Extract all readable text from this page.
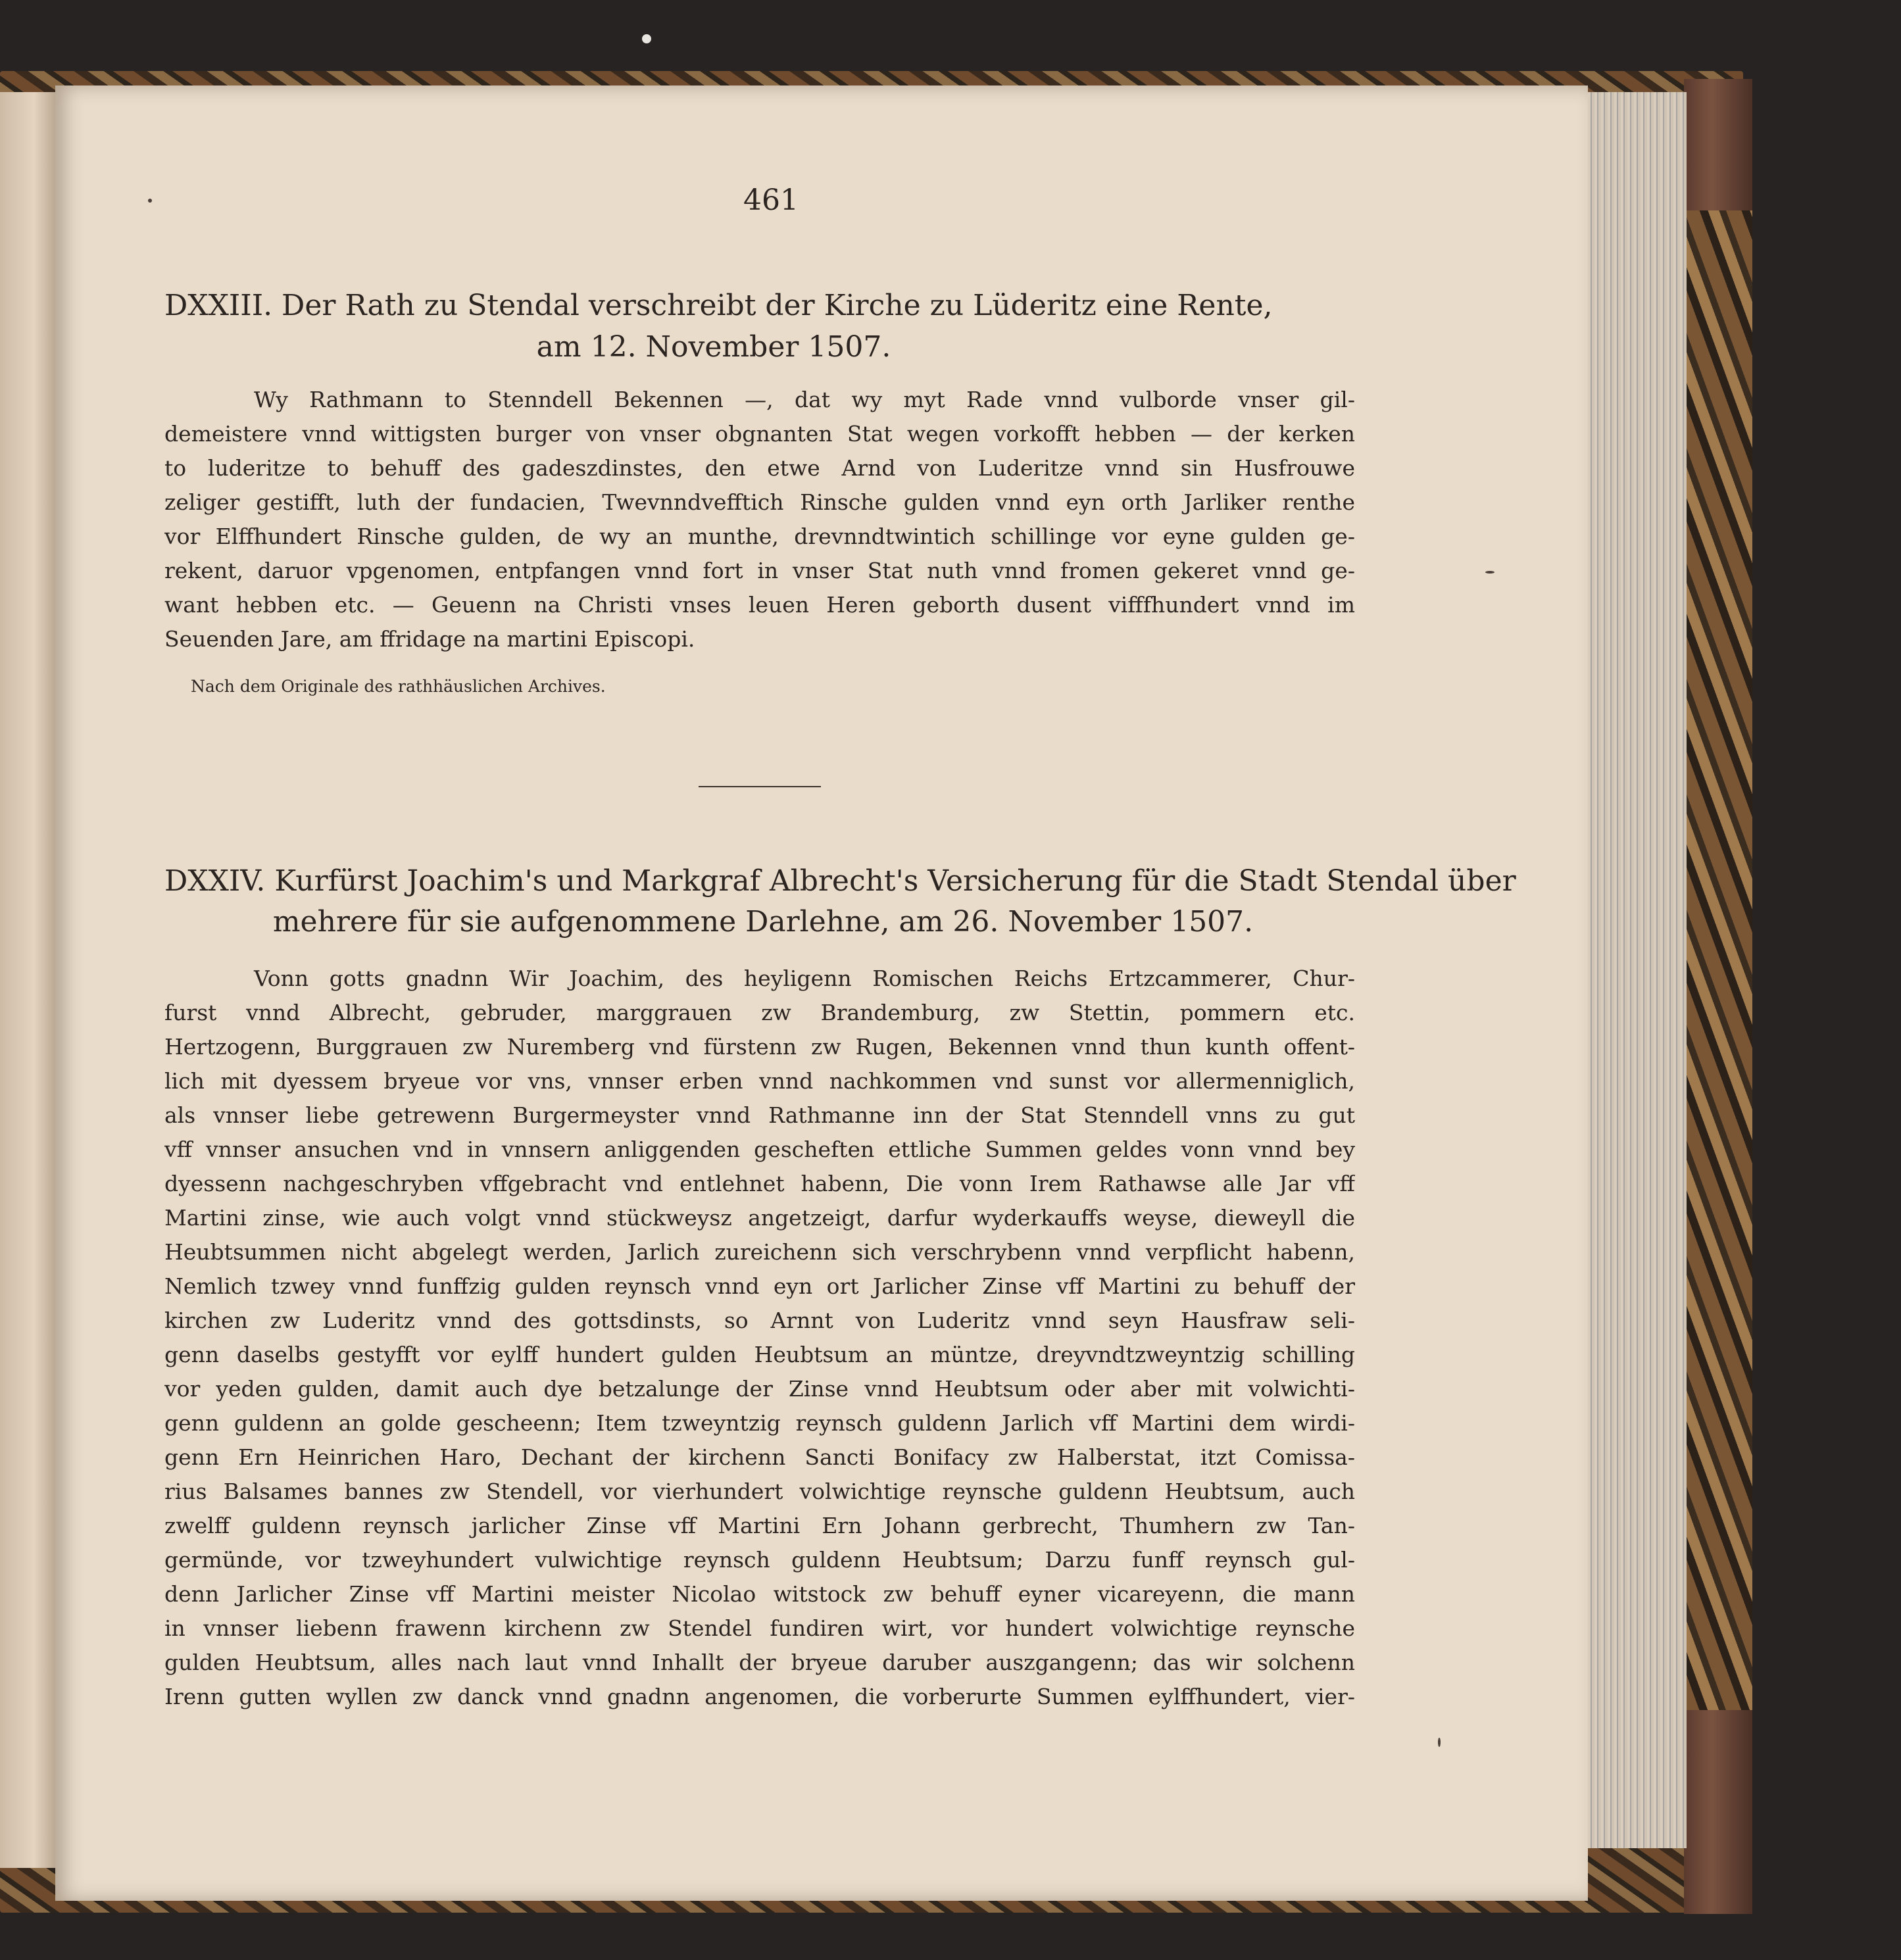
461
DXXIII. Der Rath zu Stendal verschreibt der Kirche zu Lüderitz eine Rente,
am 12. November 1507.
Wy Rathmann to Stenndell Bekennen —, dat wy myt Rade vnnd vulborde vnser gil-
demeistere vnnd wittigsten burger von vnser obgnanten Stat wegen vorkofft hebben — der kerken
to luderitze to behuff des gadeszdinstes, den etwe Arnd von Luderitze vnnd sin Husfrouwe
zeliger gestifft, luth der fundacien, Twevnndvefftich Rinsche gulden vnnd eyn orth Jarliker renthe
vor Elffhundert Rinsche gulden, de wy an munthe, drevnndtwintich schillinge vor eyne gulden ge-
rekent, daruor vpgenomen, entpfangen vnnd fort in vnser Stat nuth vnnd fromen gekeret vnnd ge-
want hebben etc. — Geuenn na Christi vnses leuen Heren geborth dusent vifffhundert vnnd im
Seuenden Jare, am ffridage na martini Episcopi.
Nach dem Originale des rathhäuslichen Archives.
DXXIV. Kurfürst Joachim's und Markgraf Albrecht's Versicherung für die Stadt Stendal über
mehrere für sie aufgenommene Darlehne, am 26. November 1507.
Vonn gotts gnadnn Wir Joachim, des heyligenn Romischen Reichs Ertzcammerer, Chur-
furst vnnd Albrecht, gebruder, marggrauen zw Brandemburg, zw Stettin, pommern etc.
Hertzogenn, Burggrauen zw Nuremberg vnd fürstenn zw Rugen, Bekennen vnnd thun kunth offent-
lich mit dyessem bryeue vor vns, vnnser erben vnnd nachkommen vnd sunst vor allermenniglich,
als vnnser liebe getrewenn Burgermeyster vnnd Rathmanne inn der Stat Stenndell vnns zu gut
vff vnnser ansuchen vnd in vnnsern anliggenden gescheften ettliche Summen geldes vonn vnnd bey
dyessenn nachgeschryben vffgebracht vnd entlehnet habenn, Die vonn Irem Rathawse alle Jar vff
Martini zinse, wie auch volgt vnnd stückweysz angetzeigt, darfur wyderkauffs weyse, dieweyll die
Heubtsummen nicht abgelegt werden, Jarlich zureichenn sich verschrybenn vnnd verpflicht habenn,
Nemlich tzwey vnnd funffzig gulden reynsch vnnd eyn ort Jarlicher Zinse vff Martini zu behuff der
kirchen zw Luderitz vnnd des gottsdinsts, so Arnnt von Luderitz vnnd seyn Hausfraw seli-
genn daselbs gestyfft vor eylff hundert gulden Heubtsum an müntze, dreyvndtzweyntzig schilling
vor yeden gulden, damit auch dye betzalunge der Zinse vnnd Heubtsum oder aber mit volwichti-
genn guldenn an golde gescheenn; Item tzweyntzig reynsch guldenn Jarlich vff Martini dem wirdi-
genn Ern Heinrichen Haro, Dechant der kirchenn Sancti Bonifacy zw Halberstat, itzt Comissa-
rius Balsames bannes zw Stendell, vor vierhundert volwichtige reynsche guldenn Heubtsum, auch
zwelff guldenn reynsch jarlicher Zinse vff Martini Ern Johann gerbrecht, Thumhern zw Tan-
germünde, vor tzweyhundert vulwichtige reynsch guldenn Heubtsum; Darzu funff reynsch gul-
denn Jarlicher Zinse vff Martini meister Nicolao witstock zw behuff eyner vicareyenn, die mann
in vnnser liebenn frawenn kirchenn zw Stendel fundiren wirt, vor hundert volwichtige reynsche
gulden Heubtsum, alles nach laut vnnd Inhallt der bryeue daruber auszgangenn; das wir solchenn
Irenn gutten wyllen zw danck vnnd gnadnn angenomen, die vorberurte Summen eylffhundert, vier-
